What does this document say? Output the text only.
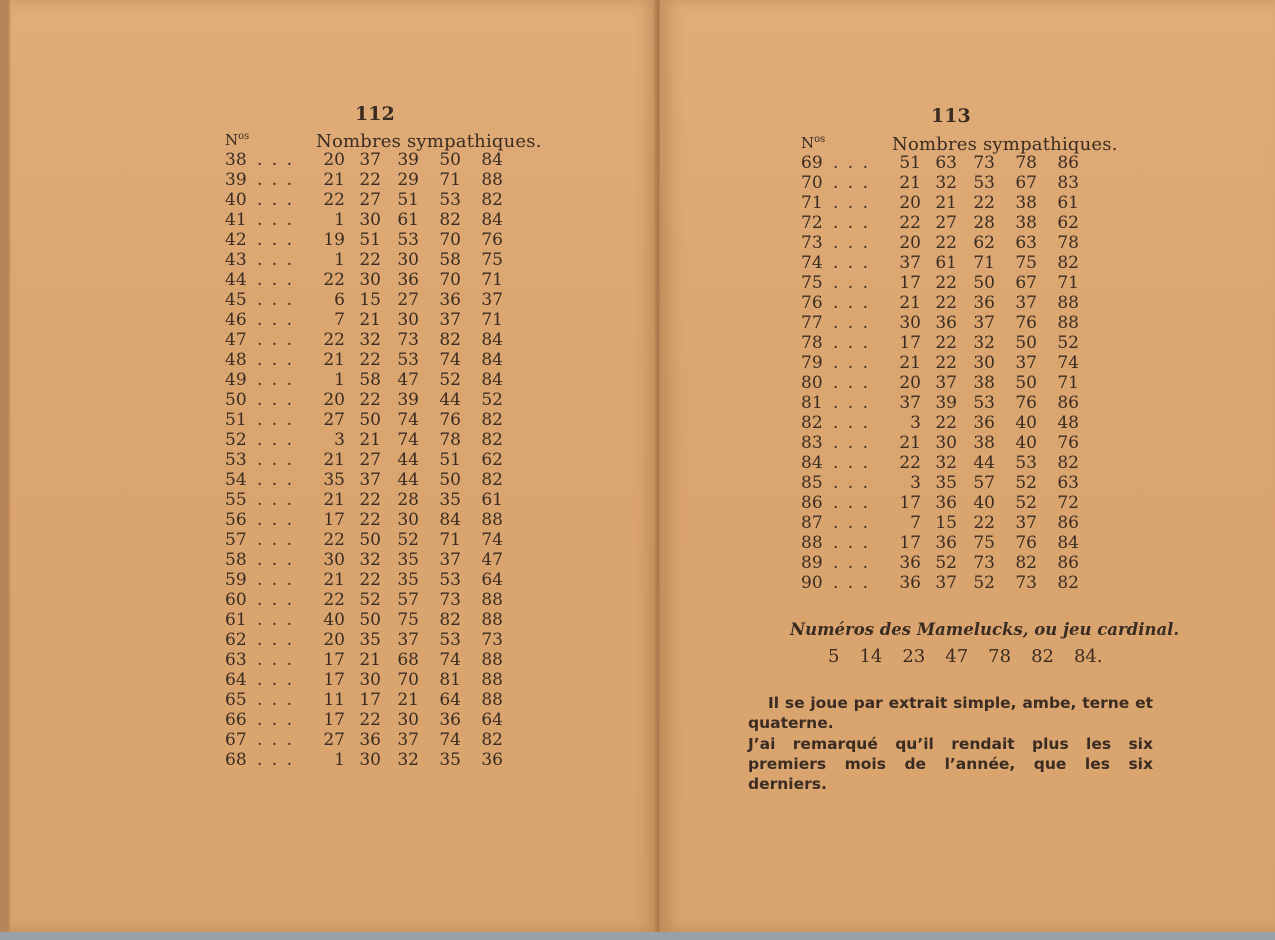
112
$N^{os}$	Nombres sympathiques.
38 . . .	20 37 39	50	84
39 . . .	21 22 29	71	88
40 . . .	22 27 51	53	82
41 . . .	1 30 61	82	84
42 . . .	19 51 53	70	76
43 . . .	1 22 30	58	75
44 . . .	22 30 36	70	71
45 . . .	6 15 27	36	37
46 . . .	7 21 30	37	71
47 . . .	22 32 73	82	84
48 . . .	21 22 53	74	84
49 . . .	1 58 47	52	84
50 . . .	20 22 39	44	52
51 . . .	27 50 74	76	82
52 . . .	3 21 74	78	82
53 . . .	21 27 44	51	62
54 . . .	35 37 44	50	82
55 . . .	21 22 28	35	61
56 . . .	17 22 30	84	88
57 . . .	22 50 52	71	74
58 . . .	30 32 35	37	47
59 . . .	21 22 35	53	64
60 . . .	22 52 57	73	88
61 . . .	40 50 75	82	88
62 . . .	20 35 37	53	73
63 . . .	17 21 68	74	88
64 . . .	17 30 70	81	88
65 . . .	11 17 21	64	88
66 . . .	17 22 30	36	64
67 . . .	27 36 37	74	82
68 . . .	1 30 32	35	36
113
$N^{os}$	Nombres sympathiques.
69 . . .	51 63 73	78	86
70 . . .	21 32 53	67	83
71 . . .	20 21 22	38	61
72 . . .	22 27 28	38	62
73 . . .	20 22 62	63	78
74 . . .	37 61 71	75	82
75 . . .	17 22 50	67	71
76 . . .	21 22 36	37	88
77 . . .	30 36 37	76	88
78 . . .	17 22 32	50	52
79 . . .	21 22 30	37	74
80 . . .	20 37 38	50	71
81 . . .	37 39 53	76	86
82 . . .	3 22 36	40	48
83 . . .	21 30 38	40	76
84 . . .	22 32 44	53	82
85 . . .	3 35 57	52	63
86 . . .	17 36 40	52	72
87 . . .	7 15 22	37	86
88 . . .	17 36 75	76	84
89 . . .	36 52 73	82	86
90 . . .	36 37 52	73	82
Numéros des Mamelucks, ou jeu cardinal.
5 14 23 47 78 82 84.
Il se joue par extrait simple, ambe, terne et quaterne.
J’ai remarqué qu’il rendait plus les six premiers mois de l’année, que les six derniers.
